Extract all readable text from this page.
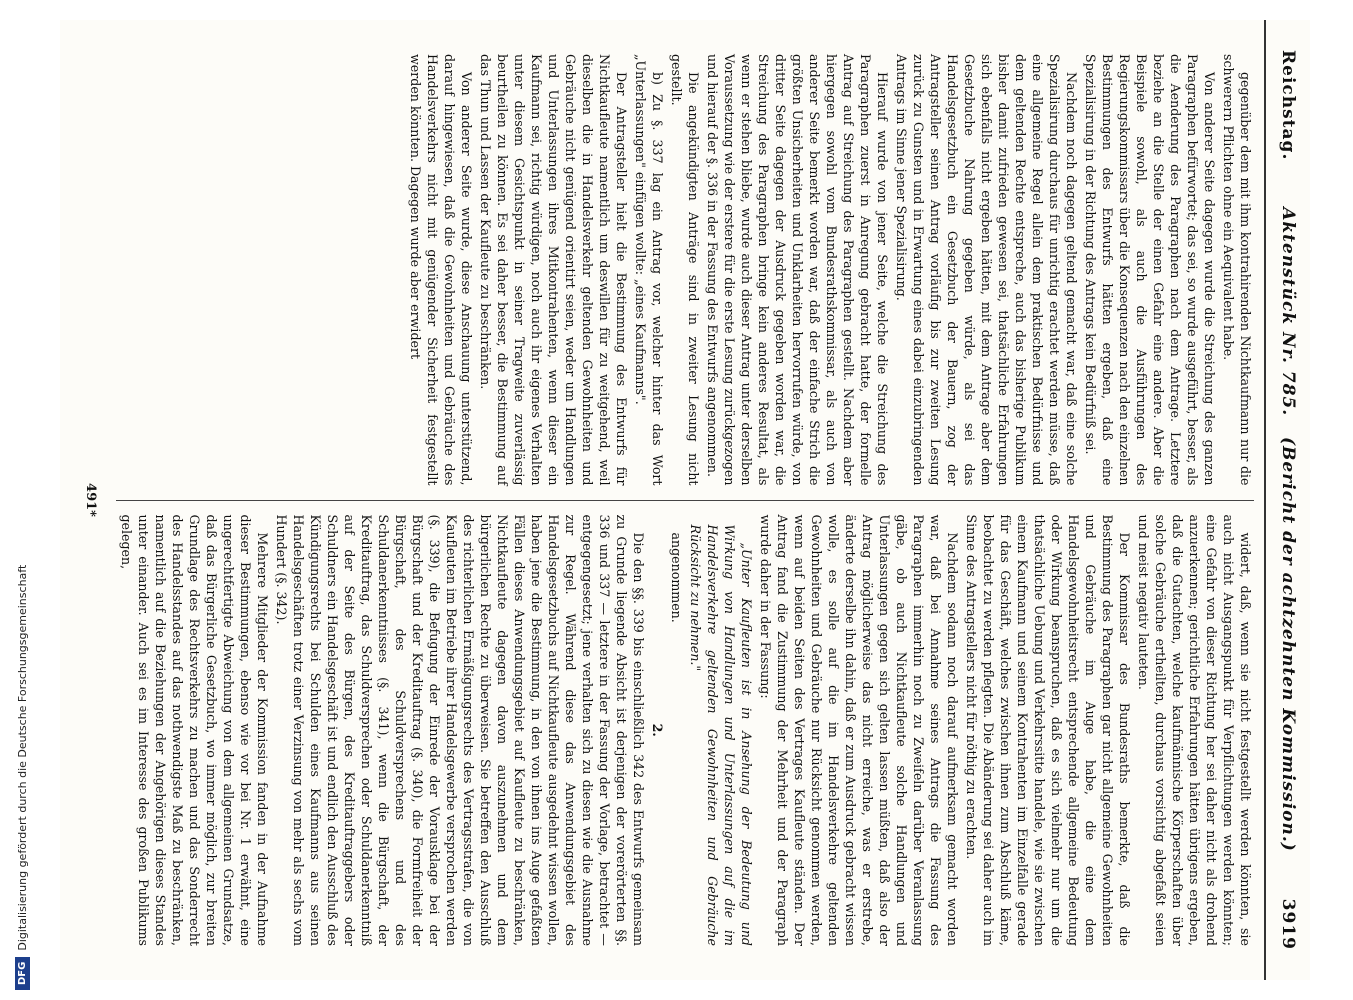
DFG
Digitalisierung gefördert durch die Deutsche Forschungsgemeinschaft
Reichstag.
Aktenstück Nr. 785.   (Bericht der achtzehnten Kommission.)
3919

gegenüber dem mit ihm kontrahirenden Nichtkaufmann nur die schwerern Pflichten ohne ein Aequivalent habe.

Von anderer Seite dagegen wurde die Streichung des ganzen Paragraphen befürwortet; das sei, so wurde ausgeführt, besser, als die Aenderung des Paragraphen nach dem Antrage. Letztere beziehe an die Stelle der einen Gefahr eine andere. Aber die Beispiele sowohl, als auch die Ausführungen des Regierungskommissars über die Konsequenzen nach den einzelnen Bestimmungen des Entwurfs hätten ergeben, daß eine Spezialisirung in der Richtung des Antrags kein Bedürfniß sei.

Nachdem noch dagegen geltend gemacht war, daß eine solche Spezialisirung durchaus für unrichtig erachtet werden müsse, daß eine allgemeine Regel allein dem praktischen Bedürfnisse und dem geltenden Rechte entspreche, auch das bisherige Publikum bisher damit zufrieden gewesen sei, thatsächliche Erfahrungen sich ebenfalls nicht ergeben hätten, mit dem Antrage aber dem Gesetzbuche Nahrung gegeben würde, als sei das Handelsgesetzbuch ein Gesetzbuch der Bauern, zog der Antragsteller seinen Antrag vorläufig bis zur zweiten Lesung zurück zu Gunsten und in Erwartung eines dabei einzubringenden Antrags im Sinne jener Spezialisirung.

Hierauf wurde von jener Seite, welche die Streichung des Paragraphen zuerst in Anregung gebracht hatte, der formelle Antrag auf Streichung des Paragraphen gestellt. Nachdem aber hiergegen sowohl vom Bundesrathskommissar, als auch von anderer Seite bemerkt worden war, daß der einfache Strich die größten Unsicherheiten und Unklarheiten hervorrufen würde, von dritter Seite dagegen der Ausdruck gegeben worden war, die Streichung des Paragraphen bringe kein anderes Resultat, als wenn er stehen bliebe, wurde auch dieser Antrag unter derselben Voraussetzung wie der erstere für die erste Lesung zurückgezogen und hierauf der §. 336 in der Fassung des Entwurfs angenommen.

Die angekündigten Anträge sind in zweiter Lesung nicht gestellt.

b) Zu §. 337 lag ein Antrag vor, welcher hinter das Wort „Unterlassungen" einfügen wollte: „eines Kaufmanns".

Der Antragsteller hielt die Bestimmung des Entwurfs für Nichtkaufleute namentlich um deswillen für zu weitgehend, weil dieselben die in Handelsverkehr geltenden Gewohnheiten und Gebräuche nicht genügend orientirt seien, weder um Handlungen und Unterlassungen ihres Mitkontrahenten, wenn dieser ein Kaufmann sei, richtig würdigen, noch auch ihr eigenes Verhalten unter diesem Gesichtspunkt in seiner Tragweite zuverlässig beurtheilen zu können. Es sei daher besser, die Bestimmung auf das Thun und Lassen der Kaufleute zu beschränken.

Von anderer Seite wurde, diese Anschauung unterstützend, darauf hingewiesen, daß die Gewohnheiten und Gebräuche des Handelsverkehrs nicht mit genügender Sicherheit festgestellt werden könnten. Dagegen wurde aber erwidert

widert, daß, wenn sie nicht festgestellt werden könnten, sie auch nicht Ausgangspunkt für Verpflichtungen werden könnten; eine Gefahr von dieser Richtung her sei daher nicht als drohend anzuerkennen; gerichtliche Erfahrungen hätten übrigens ergeben, daß die Gutachten, welche kaufmännische Körperschaften über solche Gebräuche ertheilten, durchaus vorsichtig abgefaßt seien und meist negativ lauteten.

Der Kommissar des Bundesraths bemerkte, daß die Bestimmung des Paragraphen gar nicht allgemeine Gewohnheiten und Gebräuche im Auge habe, die eine dem Handelsgewohnheitsrecht entsprechende allgemeine Bedeutung oder Wirkung beanspruchen, daß es sich vielmehr nur um die thatsächliche Uebung und Verkehrssitte handele, wie sie zwischen einem Kaufmann und seinem Kontrahenten im Einzelfalle gerade für das Geschäft, welches zwischen ihnen zum Abschluß käme, beobachtet zu werden pflegten. Die Abänderung sei daher auch im Sinne des Antragstellers nicht für nöthig zu erachten.

Nachdem sodann noch darauf aufmerksam gemacht worden war, daß bei Annahme seines Antrags die Fassung des Paragraphen immerhin noch zu Zweifeln darüber Veranlassung gäbe, ob auch Nichtkaufleute solche Handlungen und Unterlassungen gegen sich gelten lassen müßten, daß also der Antrag möglicherweise das nicht erreiche, was er erstrebe, änderte derselbe ihn dahin, daß er zum Ausdruck gebracht wissen wolle, es solle auf die im Handelsverkehre geltenden Gewohnheiten und Gebräuche nur Rücksicht genommen werden, wenn auf beiden Seiten des Vertrages Kaufleute ständen. Der Antrag fand die Zustimmung der Mehrheit und der Paragraph wurde daher in der Fassung:

„Unter Kaufleuten ist in Ansehung der Bedeutung und Wirkung von Handlungen und Unterlassungen auf die im Handelsverkehre geltenden Gewohnheiten und Gebräuche Rücksicht zu nehmen."

angenommen.

2.

Die den §§. 339 bis einschließlich 342 des Entwurfs gemeinsam zu Grunde liegende Absicht ist derjenigen der vorerörterten §§. 336 und 337 — letztere in der Fassung der Vorlage, betrachtet — entgegengesetzt; jene verhalten sich zu diesen wie die Ausnahme zur Regel. Während diese das Anwendungsgebiet des Handelsgesetzbuchs auf Nichtkaufleute ausgedehnt wissen wollen, haben jene die Bestimmung, in den von ihnen ins Auge gefaßten Fällen dieses Anwendungsgebiet auf Kaufleute zu beschränken, Nichtkaufleute dagegen davon auszunehmen und dem bürgerlichen Rechte zu überweisen. Sie betreffen den Ausschluß des richterlichen Ermäßigungsrechts des Vertragsstrafen, die von Kaufleuten im Betriebe ihrer Handelsgewerbe versprochen werden (§. 339), die Befugung der Einrede der Vorausklage bei der Bürgschaft und der Kreditauftrag (§. 340), die Formfreiheit der Bürgschaft, des Schuldversprechens und des Schuldanerkenntnisses (§. 341), wenn die Bürgschaft, der Kreditauftrag, das Schuldversprechen oder Schuldanerkenntniß auf der Seite des Bürgen, des Kreditauftraggebers oder Schuldners ein Handelsgeschäft ist und endlich den Ausschluß des Kündigungsrechts bei Schulden eines Kaufmanns aus seinen Handelsgeschäften trotz einer Verzinsung von mehr als sechs vom Hundert (§. 342).

Mehrere Mitglieder der Kommission fanden in der Aufnahme dieser Bestimmungen, ebenso wie vor bei Nr. 1 erwähnt, eine ungerechtfertigte Abweichung von dem allgemeinen Grundsatze, daß das Bürgerliche Gesetzbuch, wo immer möglich, zur breiten Grundlage des Rechtsverkehrs zu machen und das Sonderrecht des Handelsstandes auf das nothwendigste Maß zu beschränken, namentlich auf die Beziehungen der Angehörigen dieses Standes unter einander. Auch sei es im Interesse des großen Publikums gelegen,

491*
